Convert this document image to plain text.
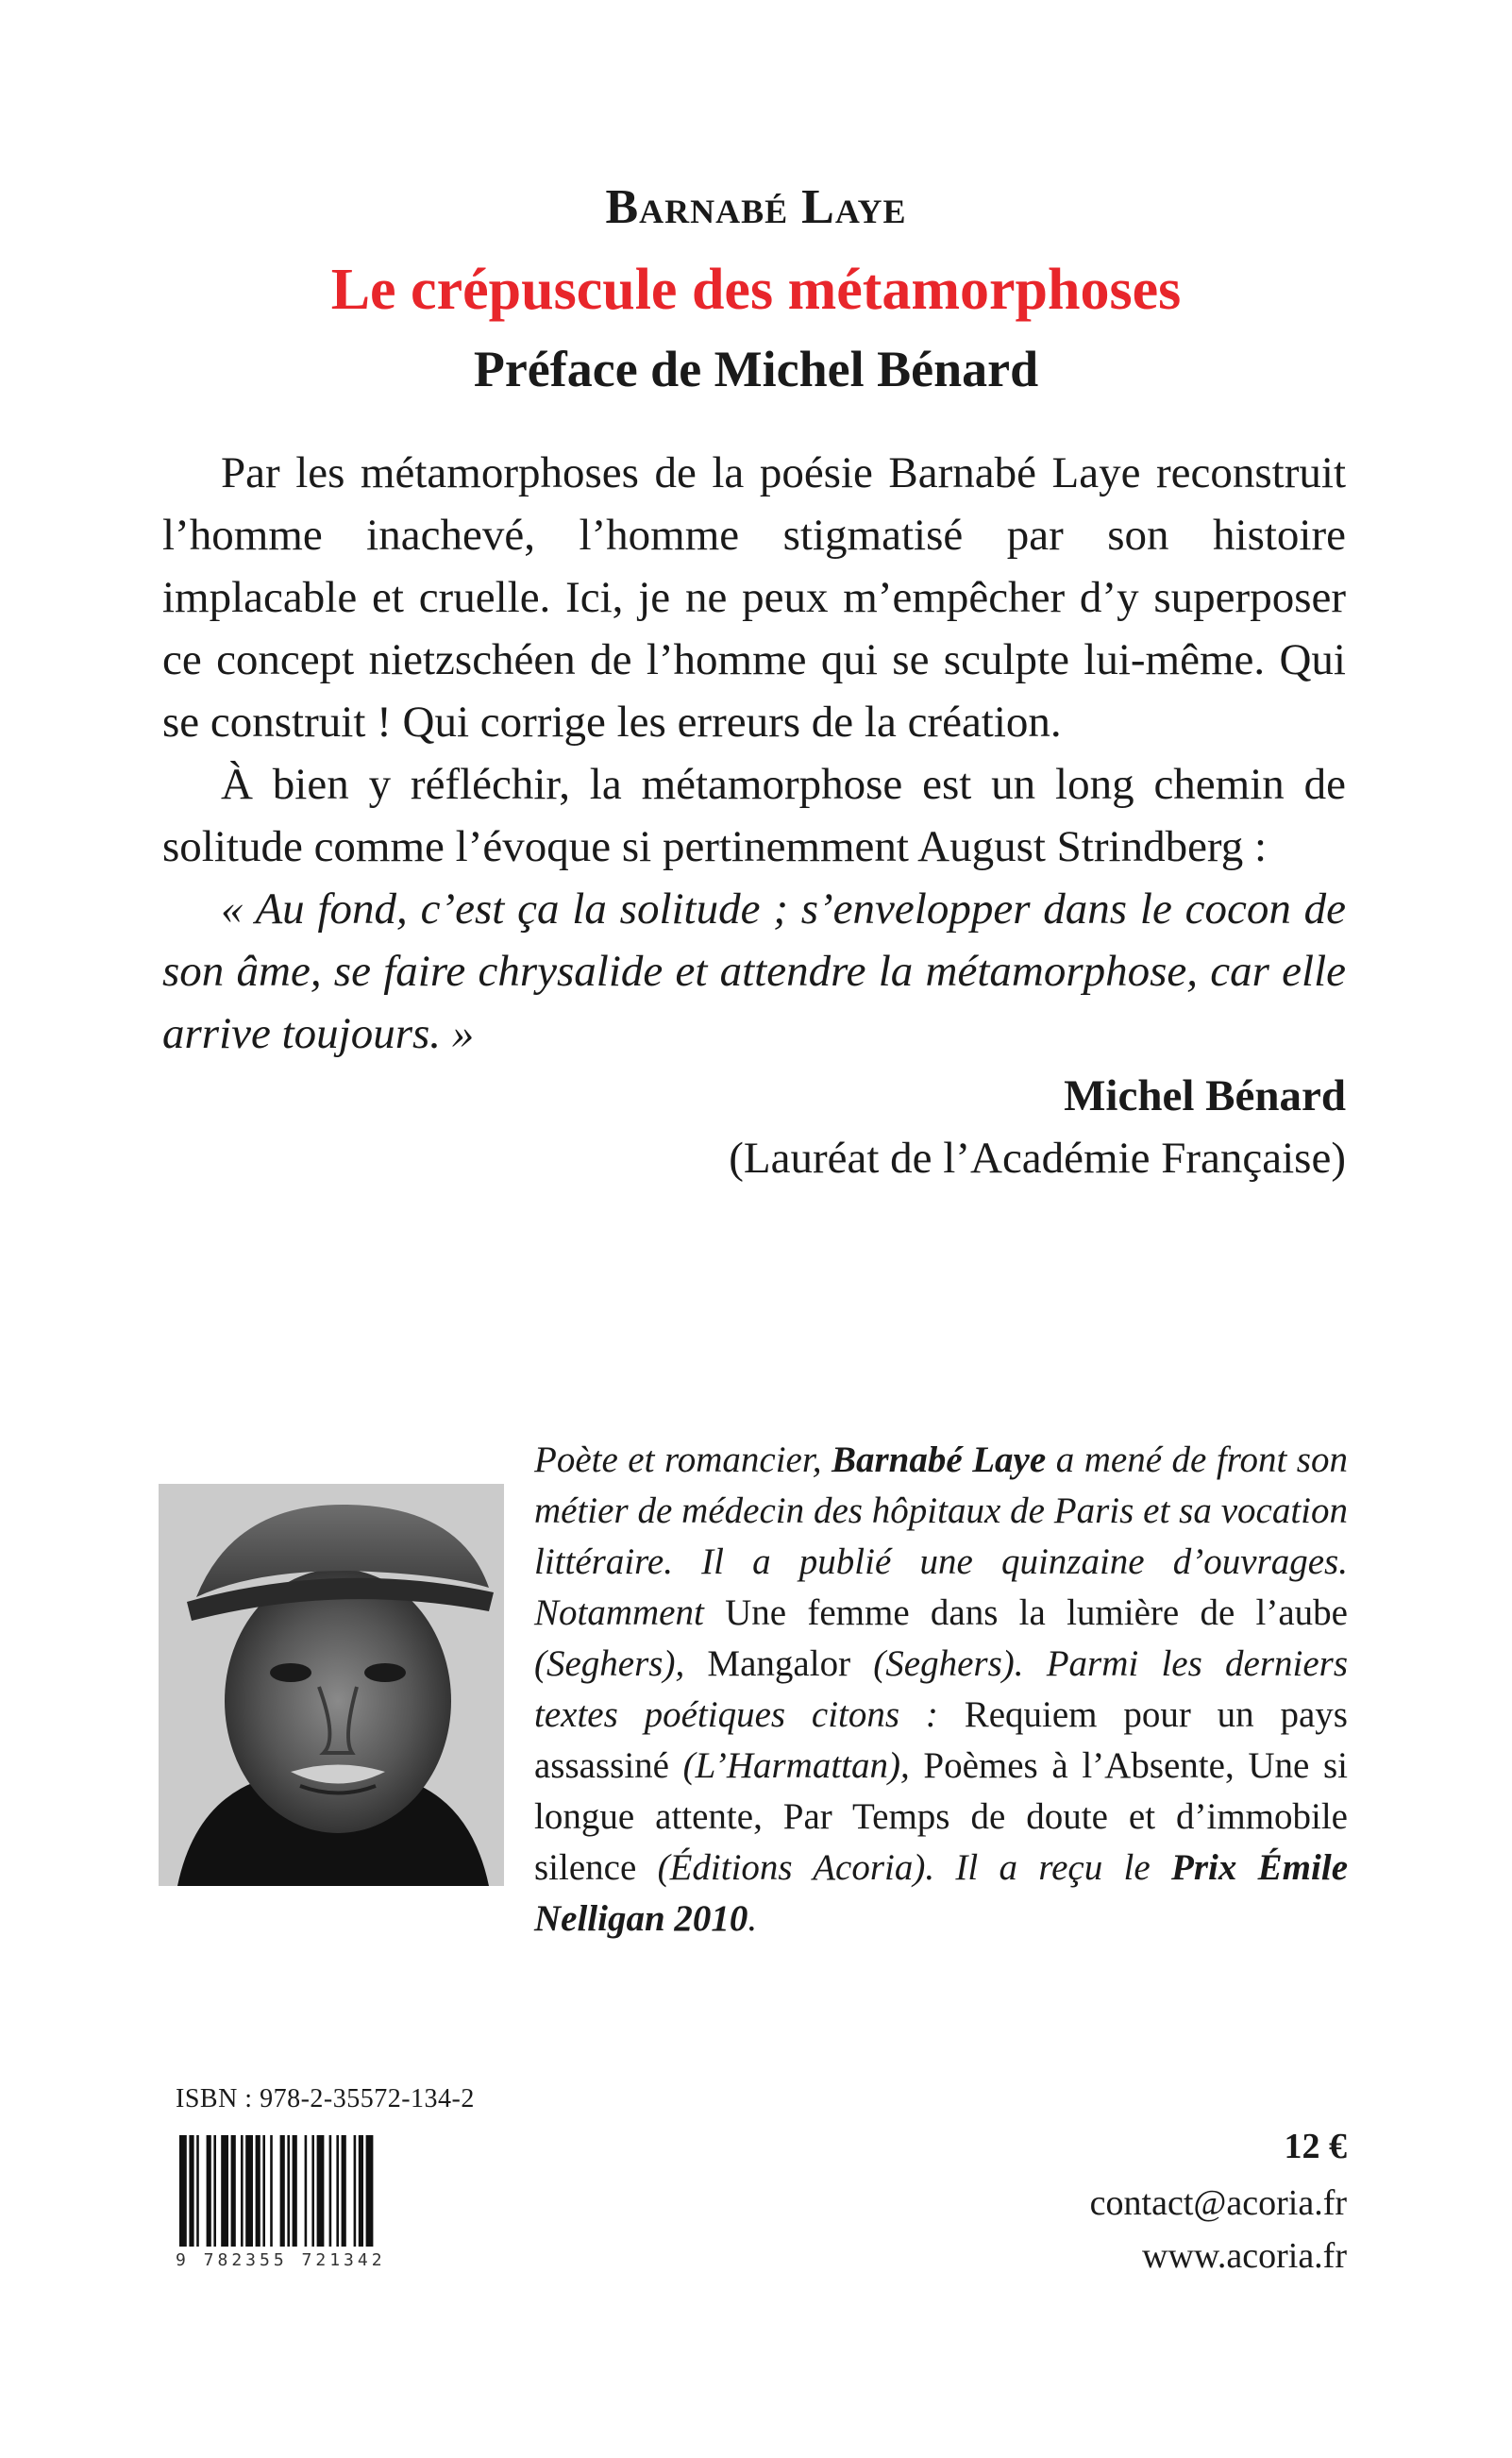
Barnabé Laye
Le crépuscule des métamorphoses
Préface de Michel Bénard

Par les métamorphoses de la poésie Barnabé Laye reconstruit l’homme inachevé, l’homme stigmatisé par son histoire implacable et cruelle. Ici, je ne peux m’empêcher d’y superposer ce concept nietzschéen de l’homme qui se sculpte lui-même. Qui se construit ! Qui corrige les erreurs de la création.

À bien y réfléchir, la métamorphose est un long chemin de solitude comme l’évoque si pertinemment August Strindberg :

« Au fond, c’est ça la solitude ; s’envelopper dans le cocon de son âme, se faire chrysalide et attendre la métamorphose, car elle arrive toujours. »

Michel Bénard

(Lauréat de l’Académie Française)

Poète et romancier, Barnabé Laye a mené de front son métier de médecin des hôpitaux de Paris et sa vocation littéraire. Il a publié une quinzaine d’ouvrages. Notamment Une femme dans la lumière de l’aube (Seghers), Mangalor (Seghers). Parmi les derniers textes poétiques citons : Requiem pour un pays assassiné (L’Harmattan), Poèmes à l’Absente, Une si longue attente, Par Temps de doute et d’immobile silence (Éditions Acoria). Il a reçu le Prix Émile Nelligan 2010.
ISBN : 978-2-35572-134-2
9 782355 721342
12 €
contact@acoria.fr
www.acoria.fr
